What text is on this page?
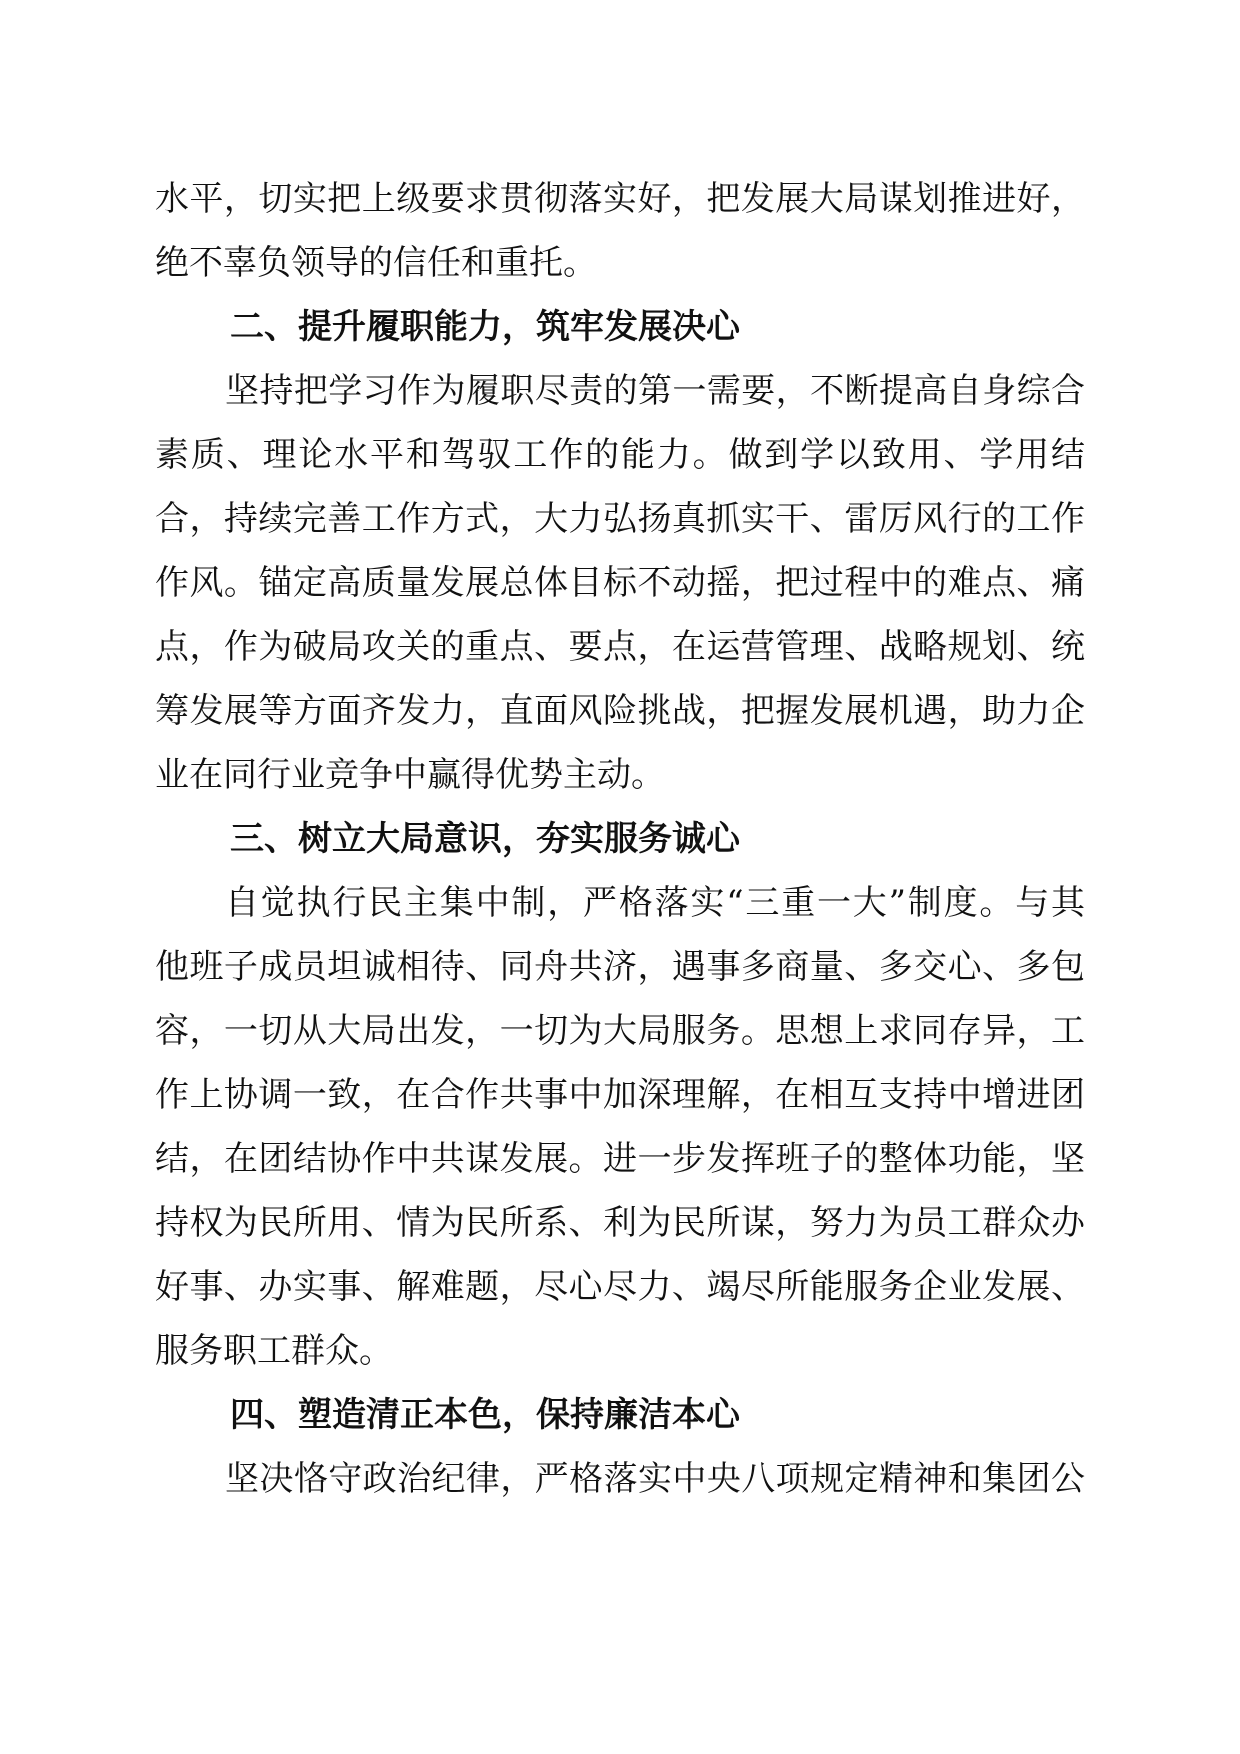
水平，切实把上级要求贯彻落实好，把发展大局谋划推进好，
绝不辜负领导的信任和重托。
二、提升履职能力，筑牢发展决心
坚持把学习作为履职尽责的第一需要，不断提高自身综合
素质、理论水平和驾驭工作的能力。做到学以致用、学用结
合，持续完善工作方式，大力弘扬真抓实干、雷厉风行的工作
作风。锚定高质量发展总体目标不动摇，把过程中的难点、痛
点，作为破局攻关的重点、要点，在运营管理、战略规划、统
筹发展等方面齐发力，直面风险挑战，把握发展机遇，助力企
业在同行业竞争中赢得优势主动。
三、树立大局意识，夯实服务诚心
自觉执行民主集中制，严格落实“三重一大”制度。与其
他班子成员坦诚相待、同舟共济，遇事多商量、多交心、多包
容，一切从大局出发，一切为大局服务。思想上求同存异，工
作上协调一致，在合作共事中加深理解，在相互支持中增进团
结，在团结协作中共谋发展。进一步发挥班子的整体功能，坚
持权为民所用、情为民所系、利为民所谋，努力为员工群众办
好事、办实事、解难题，尽心尽力、竭尽所能服务企业发展、
服务职工群众。
四、塑造清正本色，保持廉洁本心
坚决恪守政治纪律，严格落实中央八项规定精神和集团公
